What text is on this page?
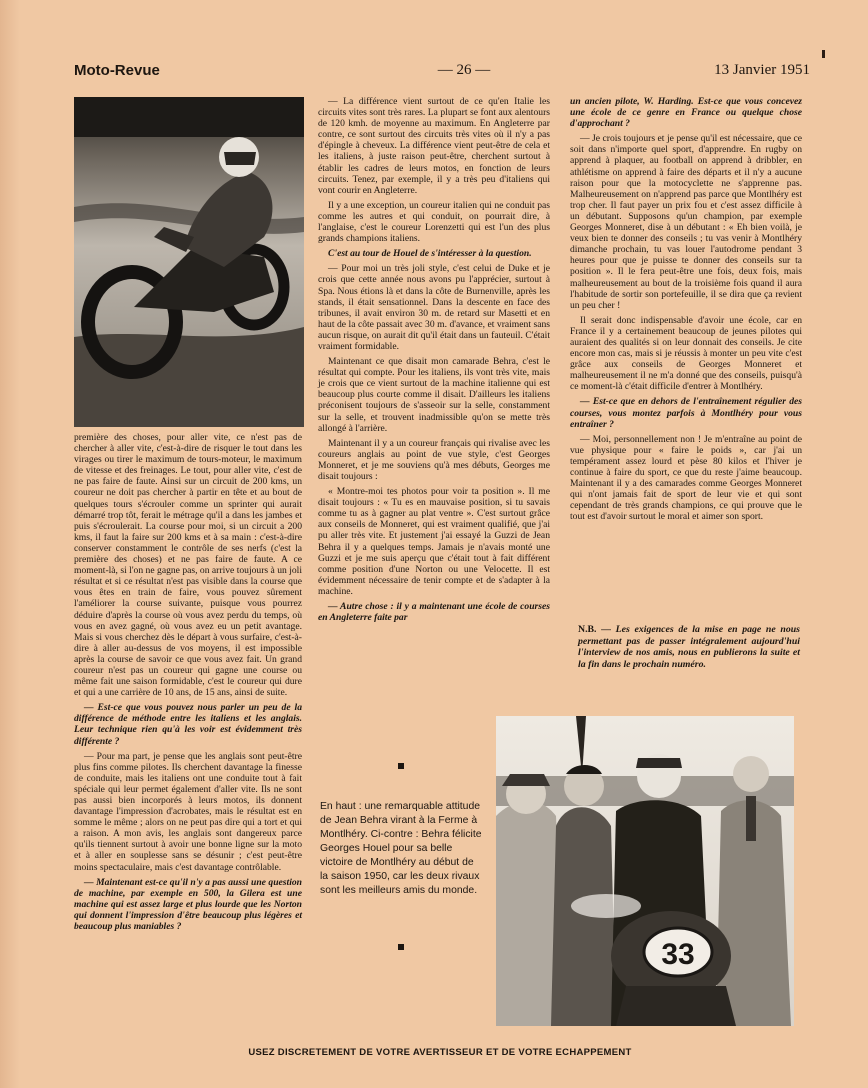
Moto-Revue	— 26 —	13 Janvier 1951

première des choses, pour aller vite, ce n'est pas de chercher à aller vite, c'est-à-dire de risquer le tout dans les virages ou tirer le maximum de tours-moteur, le maximum de vitesse et des freinages. Le tout, pour aller vite, c'est de ne pas faire de faute. Ainsi sur un circuit de 200 kms, un coureur ne doit pas chercher à partir en tête et au bout de quelques tours s'écrouler comme un sprinter qui aurait démarré trop tôt, ferait le métrage qu'il a dans les jambes et puis s'écroulerait. La course pour moi, si un circuit a 200 kms, il faut la faire sur 200 kms et à sa main : c'est-à-dire conserver constamment le contrôle de ses nerfs (c'est la première des choses) et ne pas faire de faute. A ce moment-là, si l'on ne gagne pas, on arrive toujours à un joli résultat et si ce résultat n'est pas visible dans la course que vous êtes en train de faire, vous pouvez sûrement l'améliorer la course suivante, puisque vous pourrez déduire d'après la course où vous avez perdu du temps, où vous en avez gagné, où vous avez eu un petit avantage. Mais si vous cherchez dès le départ à vous surfaire, c'est-à-dire à aller au-dessus de vos moyens, il est impossible après la course de savoir ce que vous avez fait. Un grand coureur n'est pas un coureur qui gagne une course ou même fait une saison formidable, c'est le coureur qui dure et qui a une carrière de 10 ans, de 15 ans, ainsi de suite.

— Est-ce que vous pouvez nous parler un peu de la différence de méthode entre les italiens et les anglais. Leur technique rien qu'à les voir est évidemment très différente ?

— Pour ma part, je pense que les anglais sont peut-être plus fins comme pilotes. Ils cherchent davantage la finesse de conduite, mais les italiens ont une conduite tout à fait spéciale qui leur permet également d'aller vite. Ils ne sont pas aussi bien incorporés à leurs motos, ils donnent davantage l'impression d'acrobates, mais le résultat est en somme le même ; alors on ne peut pas dire qui a tort et qui a raison. A mon avis, les anglais sont dangereux parce qu'ils tiennent surtout à avoir une bonne ligne sur la moto et à aller en souplesse sans se désunir ; c'est peut-être moins spectaculaire, mais c'est davantage contrôlable.

— Maintenant est-ce qu'il n'y a pas aussi une question de machine, par exemple en 500, la Gilera est une machine qui est assez large et plus lourde que les Norton qui donnent l'impression d'être beaucoup plus légères et beaucoup plus maniables ?

— La différence vient surtout de ce qu'en Italie les circuits vites sont très rares. La plupart se font aux alentours de 120 kmh. de moyenne au maximum. En Angleterre par contre, ce sont surtout des circuits très vites où il n'y a pas d'épingle à cheveux. La différence vient peut-être de cela et les italiens, à juste raison peut-être, cherchent surtout à établir les cadres de leurs motos, en fonction de leurs circuits. Tenez, par exemple, il y a très peu d'italiens qui vont courir en Angleterre.

Il y a une exception, un coureur italien qui ne conduit pas comme les autres et qui conduit, on pourrait dire, à l'anglaise, c'est le coureur Lorenzetti qui est l'un des plus grands champions italiens.

C'est au tour de Houel de s'intéresser à la question.

— Pour moi un très joli style, c'est celui de Duke et je crois que cette année nous avons pu l'apprécier, surtout à Spa. Nous étions là et dans la côte de Burnenville, après les stands, il était sensationnel. Dans la descente en face des tribunes, il avait environ 30 m. de retard sur Masetti et en haut de la côte passait avec 30 m. d'avance, et vraiment sans aucun risque, on aurait dit qu'il était dans un fauteuil. C'était vraiment formidable.

Maintenant ce que disait mon camarade Behra, c'est le résultat qui compte. Pour les italiens, ils vont très vite, mais je crois que ce vient surtout de la machine italienne qui est beaucoup plus courte comme il disait. D'ailleurs les italiens préconisent toujours de s'asseoir sur la selle, constamment sur la selle, et trouvent inadmissible qu'on se mette très allongé à l'arrière.

Maintenant il y a un coureur français qui rivalise avec les coureurs anglais au point de vue style, c'est Georges Monneret, et je me souviens qu'à mes débuts, Georges me disait toujours :

« Montre-moi tes photos pour voir ta position ». Il me disait toujours : « Tu es en mauvaise position, si tu savais comme tu as à gagner au plat ventre ». C'est surtout grâce aux conseils de Monneret, qui est vraiment qualifié, que j'ai pu aller très vite. Et justement j'ai essayé la Guzzi de Jean Behra il y a quelques temps. Jamais je n'avais monté une Guzzi et je me suis aperçu que c'était tout à fait différent comme position d'une Norton ou une Velocette. Il est évidemment nécessaire de tenir compte et de s'adapter à la machine.

— Autre chose : il y a maintenant une école de courses en Angleterre faite par

un ancien pilote, W. Harding. Est-ce que vous concevez une école de ce genre en France ou quelque chose d'approchant ?

— Je crois toujours et je pense qu'il est nécessaire, que ce soit dans n'importe quel sport, d'apprendre. En rugby on apprend à plaquer, au football on apprend à dribbler, en athlétisme on apprend à faire des départs et il n'y a aucune raison pour que la motocyclette ne s'apprenne pas. Malheureusement on n'apprend pas parce que Montlhéry est trop cher. Il faut payer un prix fou et c'est assez difficile à un débutant. Supposons qu'un champion, par exemple Georges Monneret, dise à un débutant : « Eh bien voilà, je veux bien te donner des conseils ; tu vas venir à Montlhéry dimanche prochain, tu vas louer l'autodrome pendant 3 heures pour que je puisse te donner des conseils sur ta position ». Il le fera peut-être une fois, deux fois, mais malheureusement au bout de la troisième fois quand il aura l'habitude de sortir son portefeuille, il se dira que ça revient un peu cher !

Il serait donc indispensable d'avoir une école, car en France il y a certainement beaucoup de jeunes pilotes qui auraient des qualités si on leur donnait des conseils. Je cite encore mon cas, mais si je réussis à monter un peu vite c'est grâce aux conseils de Georges Monneret et malheureusement il ne m'a donné que des conseils, puisqu'à ce moment-là c'était difficile d'entrer à Montlhéry.

— Est-ce que en dehors de l'entraînement régulier des courses, vous montez parfois à Montlhéry pour vous entraîner ?

— Moi, personnellement non ! Je m'entraîne au point de vue physique pour « faire le poids », car j'ai un tempérament assez lourd et pèse 80 kilos et l'hiver je continue à faire du sport, ce que du reste j'aime beaucoup. Maintenant il y a des camarades comme Georges Monneret qui n'ont jamais fait de sport de leur vie et qui sont cependant de très grands champions, ce qui prouve que le tout est d'avoir surtout le moral et aimer son sport.

N.B. — Les exigences de la mise en page ne nous permettant pas de passer intégralement aujourd'hui l'interview de nos amis, nous en publierons la suite et la fin dans le prochain numéro.
En haut : une remarquable attitude de Jean Behra virant à la Ferme à Montlhéry. Ci-contre : Behra félicite Georges Houel pour sa belle victoire de Montlhéry au début de la saison 1950, car les deux rivaux sont les meilleurs amis du monde.
33
USEZ DISCRETEMENT DE VOTRE AVERTISSEUR ET DE VOTRE ECHAPPEMENT
